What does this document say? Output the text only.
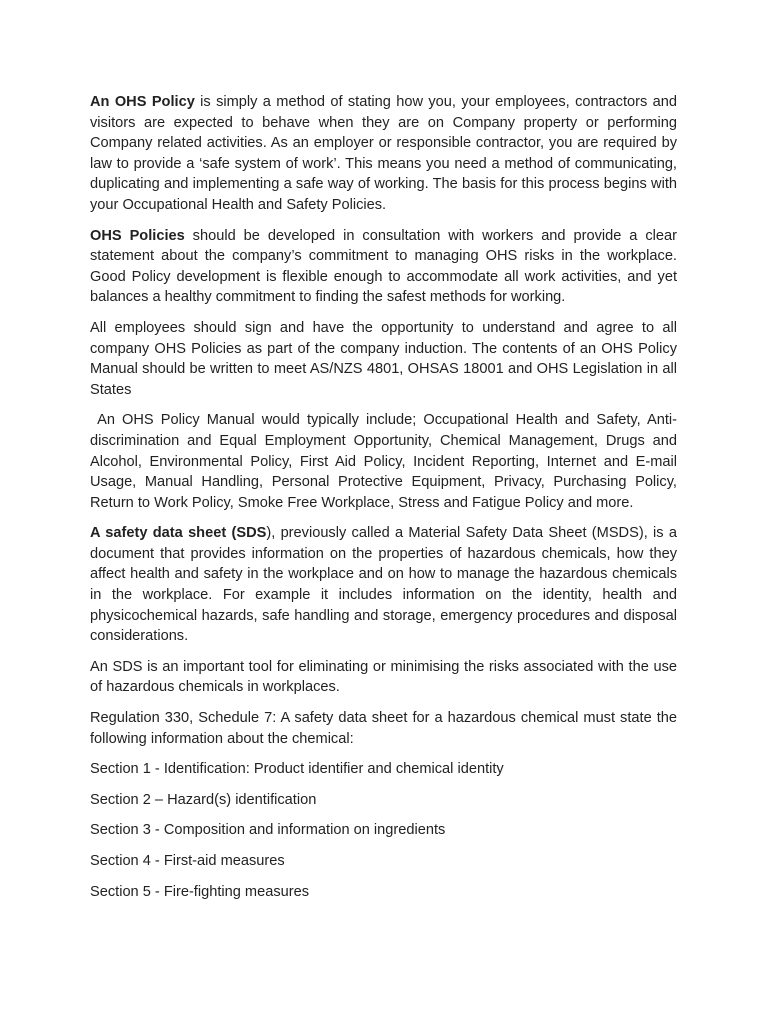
An OHS Policy is simply a method of stating how you, your employees, contractors and visitors are expected to behave when they are on Company property or performing Company related activities. As an employer or responsible contractor, you are required by law to provide a ‘safe system of work’. This means you need a method of communicating, duplicating and implementing a safe way of working. The basis for this process begins with your Occupational Health and Safety Policies.

OHS Policies should be developed in consultation with workers and provide a clear statement about the company’s commitment to managing OHS risks in the workplace. Good Policy development is flexible enough to accommodate all work activities, and yet balances a healthy commitment to finding the safest methods for working.

All employees should sign and have the opportunity to understand and agree to all company OHS Policies as part of the company induction. The contents of an OHS Policy Manual should be written to meet AS/NZS 4801, OHSAS 18001 and OHS Legislation in all States

An OHS Policy Manual would typically include; Occupational Health and Safety, Anti-discrimination and Equal Employment Opportunity, Chemical Management, Drugs and Alcohol, Environmental Policy, First Aid Policy, Incident Reporting, Internet and E-mail Usage, Manual Handling, Personal Protective Equipment, Privacy, Purchasing Policy, Return to Work Policy, Smoke Free Workplace, Stress and Fatigue Policy and more.

A safety data sheet (SDS), previously called a Material Safety Data Sheet (MSDS), is a document that provides information on the properties of hazardous chemicals, how they affect health and safety in the workplace and on how to manage the hazardous chemicals in the workplace. For example it includes information on the identity, health and physicochemical hazards, safe handling and storage, emergency procedures and disposal considerations.

An SDS is an important tool for eliminating or minimising the risks associated with the use of hazardous chemicals in workplaces.

Regulation 330, Schedule 7: A safety data sheet for a hazardous chemical must state the following information about the chemical:

Section 1 - Identification: Product identifier and chemical identity

Section 2 – Hazard(s) identification

Section 3 - Composition and information on ingredients

Section 4 - First-aid measures

Section 5 - Fire-fighting measures
